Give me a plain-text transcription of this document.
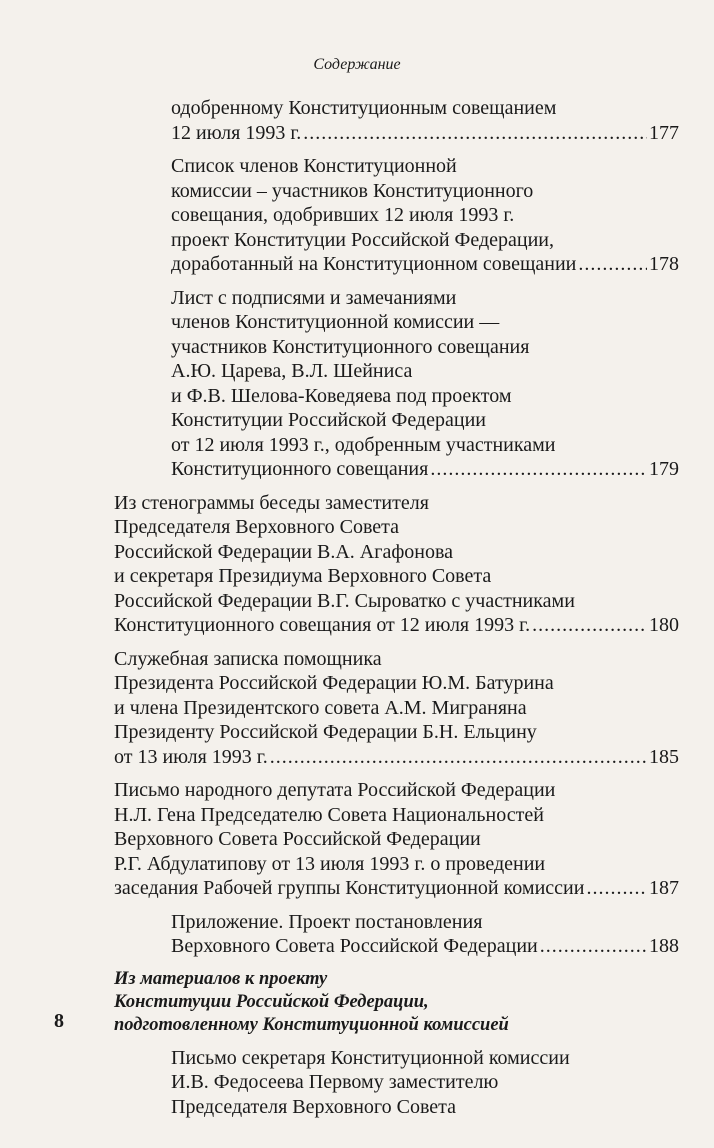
Содержание
одобренному Конституционным совещанием
12 июля 1993 г. .....	177
Список членов Конституционной
комиссии – участников Конституционного
совещания, одобривших 12 июля 1993 г.
проект Конституции Российской Федерации,
доработанный на Конституционном совещании .....	178
Лист с подписями и замечаниями
членов Конституционной комиссии —
участников Конституционного совещания
А.Ю. Царева, В.Л. Шейниса
и Ф.В. Шелова-Коведяева под проектом
Конституции Российской Федерации
от 12 июля 1993 г., одобренным участниками
Конституционного совещания .....	179
Из стенограммы беседы заместителя
Председателя Верховного Совета
Российской Федерации В.А. Агафонова
и секретаря Президиума Верховного Совета
Российской Федерации В.Г. Сыроватко с участниками
Конституционного совещания от 12 июля 1993 г. .....	180
Служебная записка помощника
Президента Российской Федерации Ю.М. Батурина
и члена Президентского совета А.М. Миграняна
Президенту Российской Федерации Б.Н. Ельцину
от 13 июля 1993 г. .....	185
Письмо народного депутата Российской Федерации
Н.Л. Гена Председателю Совета Национальностей
Верховного Совета Российской Федерации
Р.Г. Абдулатипову от 13 июля 1993 г. о проведении
заседания Рабочей группы Конституционной комиссии .....	187
Приложение. Проект постановления
Верховного Совета Российской Федерации .....	188
Из материалов к проекту
Конституции Российской Федерации,
подготовленному Конституционной комиссией
Письмо секретаря Конституционной комиссии
И.В. Федосеева Первому заместителю
Председателя Верховного Совета
8
